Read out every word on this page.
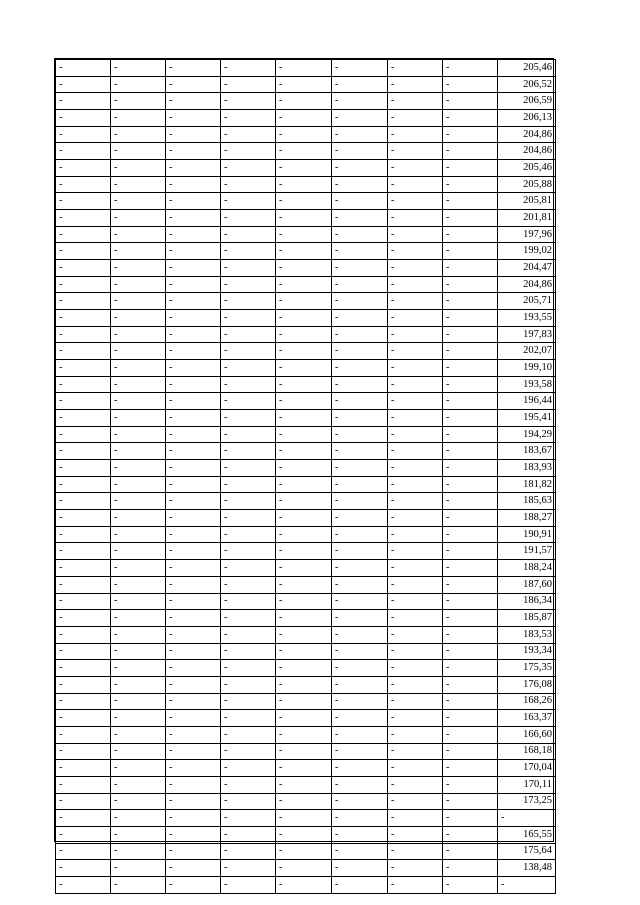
-	-	-	-	-	-	-	-	205,46
-	-	-	-	-	-	-	-	206,52
-	-	-	-	-	-	-	-	206,59
-	-	-	-	-	-	-	-	206,13
-	-	-	-	-	-	-	-	204,86
-	-	-	-	-	-	-	-	204,86
-	-	-	-	-	-	-	-	205,46
-	-	-	-	-	-	-	-	205,88
-	-	-	-	-	-	-	-	205,81
-	-	-	-	-	-	-	-	201,81
-	-	-	-	-	-	-	-	197,96
-	-	-	-	-	-	-	-	199,02
-	-	-	-	-	-	-	-	204,47
-	-	-	-	-	-	-	-	204,86
-	-	-	-	-	-	-	-	205,71
-	-	-	-	-	-	-	-	193,55
-	-	-	-	-	-	-	-	197,83
-	-	-	-	-	-	-	-	202,07
-	-	-	-	-	-	-	-	199,10
-	-	-	-	-	-	-	-	193,58
-	-	-	-	-	-	-	-	196,44
-	-	-	-	-	-	-	-	195,41
-	-	-	-	-	-	-	-	194,29
-	-	-	-	-	-	-	-	183,67
-	-	-	-	-	-	-	-	183,93
-	-	-	-	-	-	-	-	181,82
-	-	-	-	-	-	-	-	185,63
-	-	-	-	-	-	-	-	188,27
-	-	-	-	-	-	-	-	190,91
-	-	-	-	-	-	-	-	191,57
-	-	-	-	-	-	-	-	188,24
-	-	-	-	-	-	-	-	187,60
-	-	-	-	-	-	-	-	186,34
-	-	-	-	-	-	-	-	185,87
-	-	-	-	-	-	-	-	183,53
-	-	-	-	-	-	-	-	193,34
-	-	-	-	-	-	-	-	175,35
-	-	-	-	-	-	-	-	176,08
-	-	-	-	-	-	-	-	168,26
-	-	-	-	-	-	-	-	163,37
-	-	-	-	-	-	-	-	166,60
-	-	-	-	-	-	-	-	168,18
-	-	-	-	-	-	-	-	170,04
-	-	-	-	-	-	-	-	170,11
-	-	-	-	-	-	-	-	173,25
-	-	-	-	-	-	-	-	-
-	-	-	-	-	-	-	-	165,55
-	-	-	-	-	-	-	-	175,64
-	-	-	-	-	-	-	-	138,48
-	-	-	-	-	-	-	-	-
